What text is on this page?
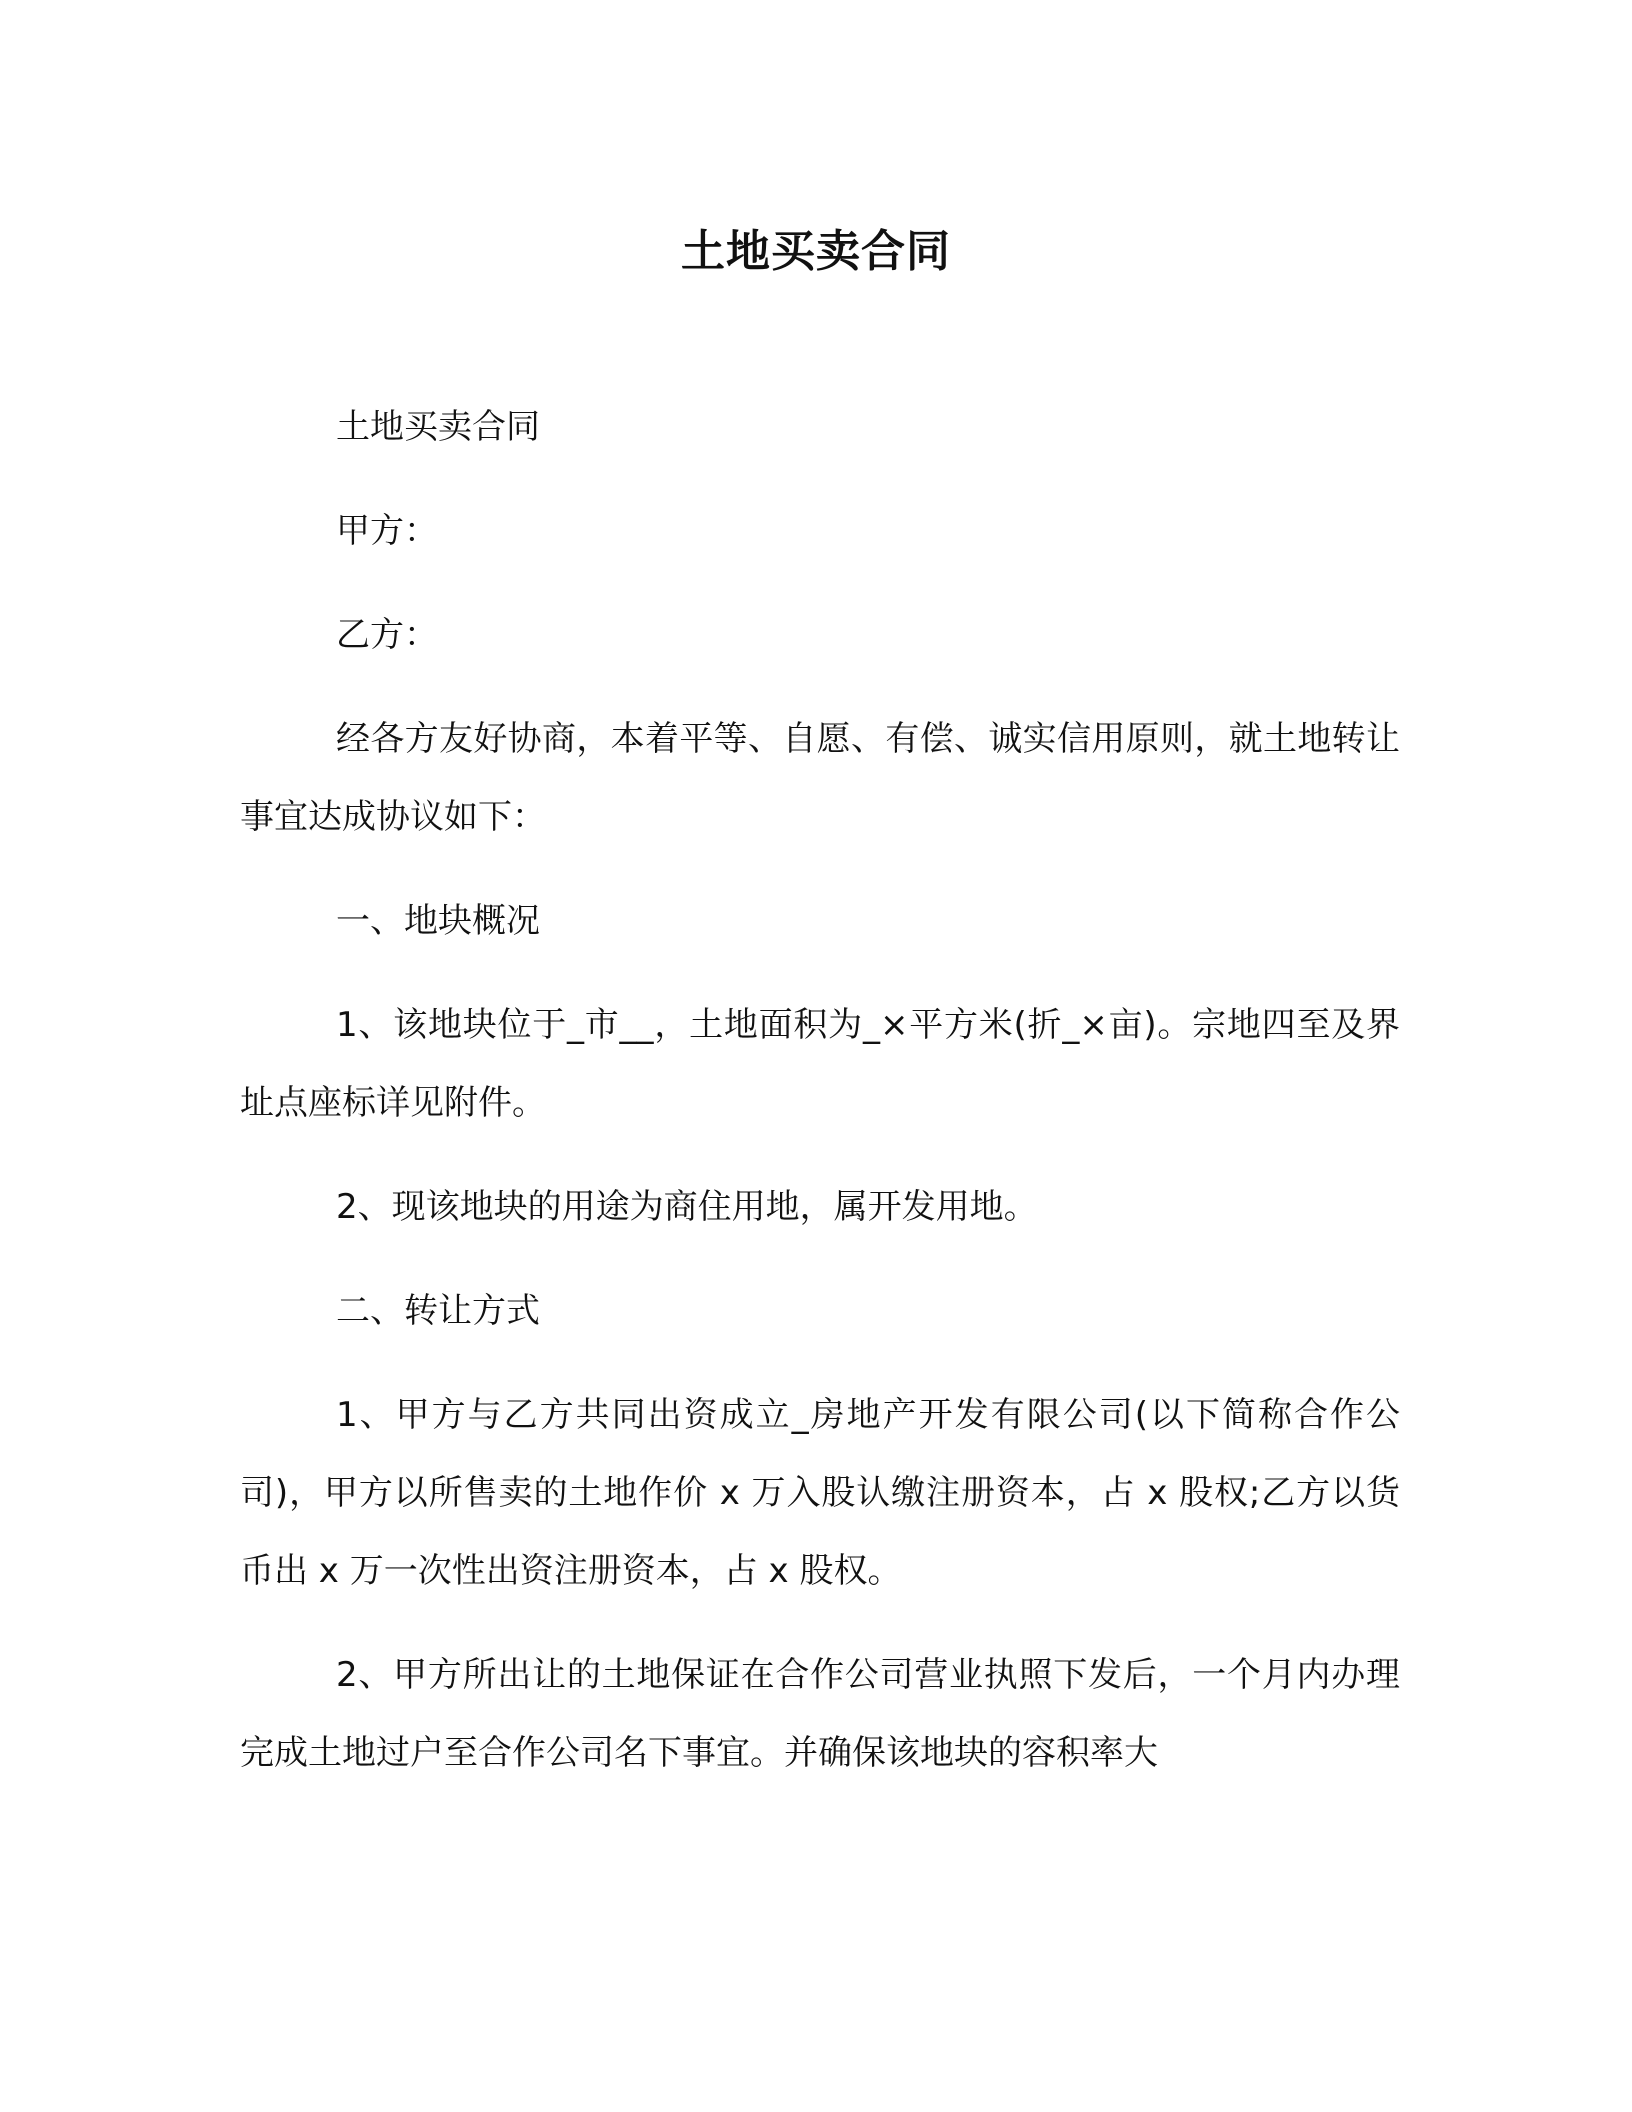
土地买卖合同

土地买卖合同

甲方：

乙方：

经各方友好协商，本着平等、自愿、有偿、诚实信用原则，就土地转让事宜达成协议如下：

一、地块概况

1、该地块位于_市__，土地面积为_×平方米(折_×亩)。宗地四至及界址点座标详见附件。

2、现该地块的用途为商住用地，属开发用地。

二、转让方式

1、甲方与乙方共同出资成立_房地产开发有限公司(以下简称合作公司)，甲方以所售卖的土地作价 x 万入股认缴注册资本，占 x 股权;乙方以货币出 x 万一次性出资注册资本，占 x 股权。

2、甲方所出让的土地保证在合作公司营业执照下发后，一个月内办理完成土地过户至合作公司名下事宜。并确保该地块的容积率大
